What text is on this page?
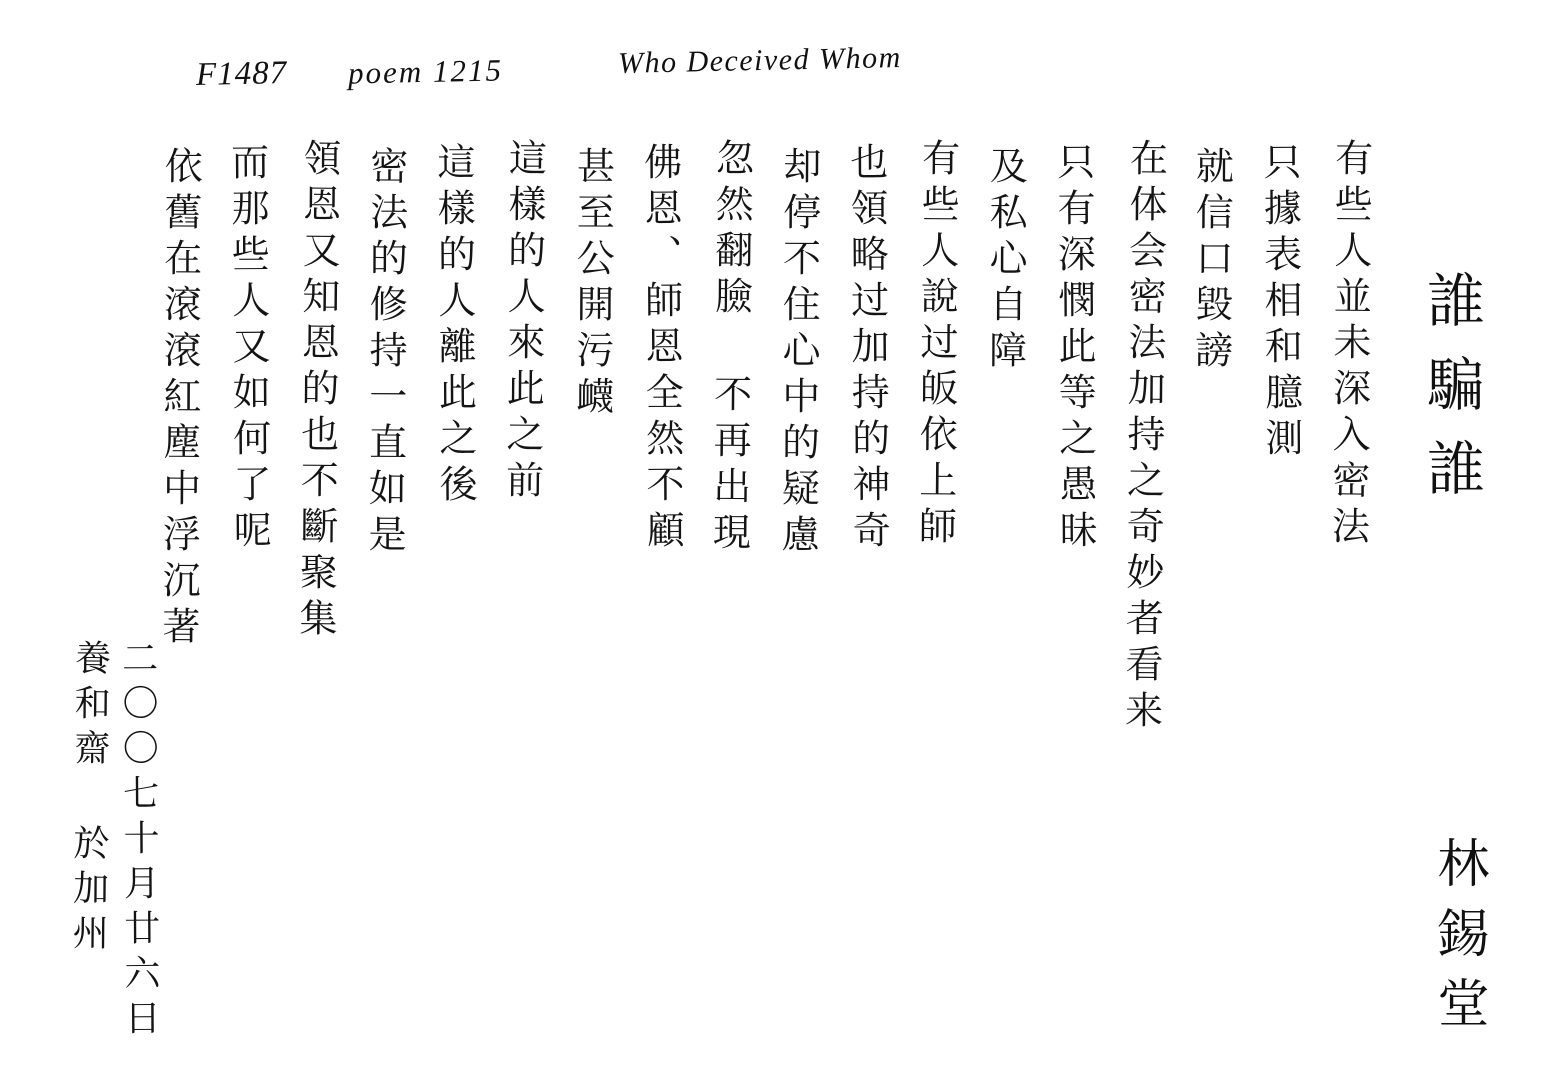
F1487 poem 1215	Who Deceived Whom
誰騙誰
林錫堂
有些人並未深入密法
只據表相和臆測
就信口毀謗
在体会密法加持之奇妙者看来
只有深憫此等之愚昧
及私心自障
有些人說过皈依上師
也領略过加持的神奇
却停不住心中的疑慮
忽然翻臉 不再出現
佛恩、師恩全然不顧
甚至公開污衊
這樣的人來此之前
這樣的人離此之後
密法的修持一直如是
領恩又知恩的也不斷聚集
而那些人又如何了呢
依舊在滾滾紅塵中浮沉著
二〇〇七十月廿六日
養和齋 於加州
